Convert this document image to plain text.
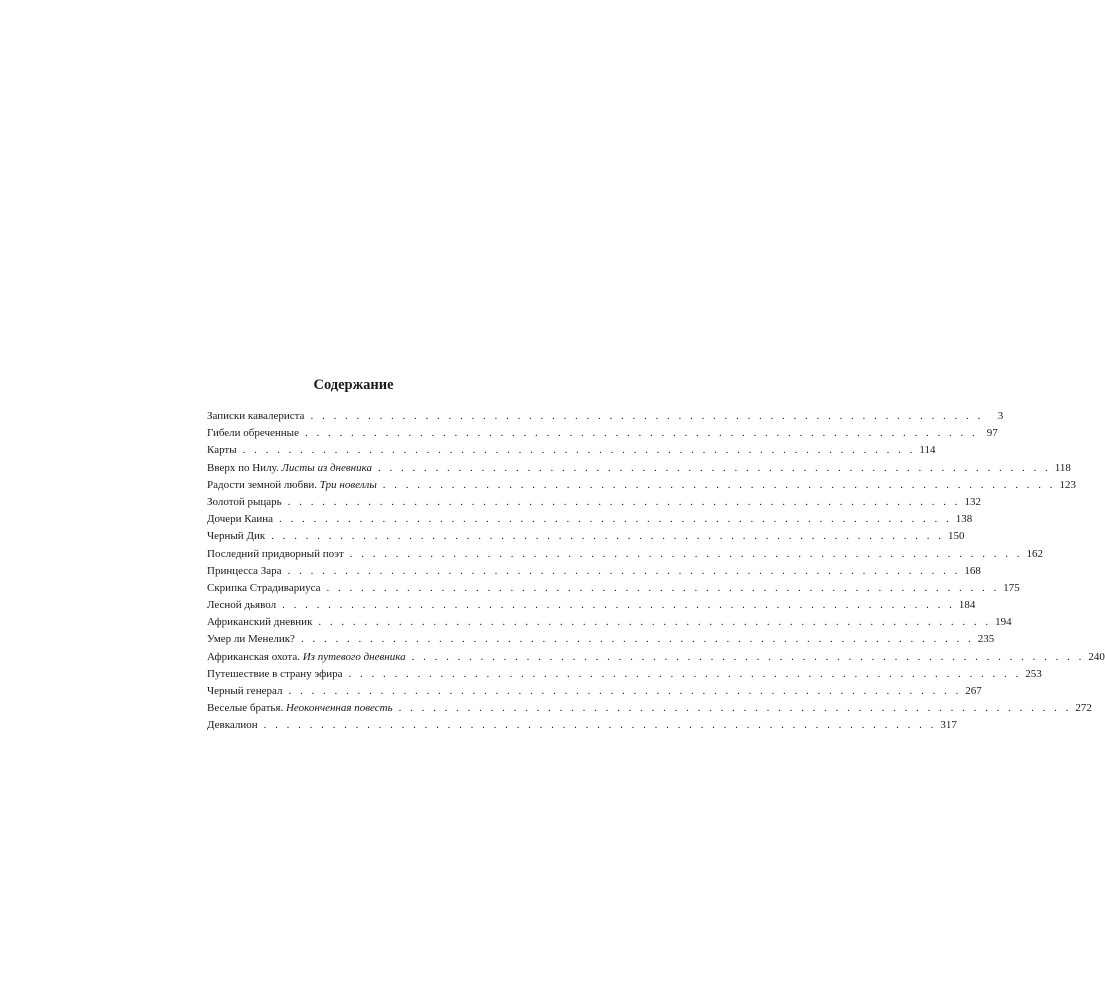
Содержание
Записки кавалериста . . . . . . . . . . . . . . . . . . . . . . . . . . . . . . . . . . . . . . . . . . . . . . . . . . . . . . . . . . .	3
Гибели обреченные . . . . . . . . . . . . . . . . . . . . . . . . . . . . . . . . . . . . . . . . . . . . . . . . . . . . . . . . . . . 97
Карты . . . . . . . . . . . . . . . . . . . . . . . . . . . . . . . . . . . . . . . . . . . . . . . . . . . . . . . . . . . 114
Вверх по Нилу. Листы из дневника . . . . . . . . . . . . . . . . . . . . . . . . . . . . . . . . . . . . . . . . . . . . . . . . . . . . . . . . . . . 118
Радости земной любви. Три новеллы . . . . . . . . . . . . . . . . . . . . . . . . . . . . . . . . . . . . . . . . . . . . . . . . . . . . . . . . . . . 123
Золотой рыцарь . . . . . . . . . . . . . . . . . . . . . . . . . . . . . . . . . . . . . . . . . . . . . . . . . . . . . . . . . . . 132
Дочери Каина . . . . . . . . . . . . . . . . . . . . . . . . . . . . . . . . . . . . . . . . . . . . . . . . . . . . . . . . . . . 138
Черный Дик . . . . . . . . . . . . . . . . . . . . . . . . . . . . . . . . . . . . . . . . . . . . . . . . . . . . . . . . . . . 150
Последний придворный поэт . . . . . . . . . . . . . . . . . . . . . . . . . . . . . . . . . . . . . . . . . . . . . . . . . . . . . . . . . . . 162
Принцесса Зара . . . . . . . . . . . . . . . . . . . . . . . . . . . . . . . . . . . . . . . . . . . . . . . . . . . . . . . . . . . 168
Скрипка Страдивариуса . . . . . . . . . . . . . . . . . . . . . . . . . . . . . . . . . . . . . . . . . . . . . . . . . . . . . . . . . . . 175
Лесной дьявол . . . . . . . . . . . . . . . . . . . . . . . . . . . . . . . . . . . . . . . . . . . . . . . . . . . . . . . . . . . 184
Африканский дневник . . . . . . . . . . . . . . . . . . . . . . . . . . . . . . . . . . . . . . . . . . . . . . . . . . . . . . . . . . . 194
Умер ли Менелик? . . . . . . . . . . . . . . . . . . . . . . . . . . . . . . . . . . . . . . . . . . . . . . . . . . . . . . . . . . . 235
Африканская охота. Из путевого дневника . . . . . . . . . . . . . . . . . . . . . . . . . . . . . . . . . . . . . . . . . . . . . . . . . . . . . . . . . . . 240
Путешествие в страну эфира . . . . . . . . . . . . . . . . . . . . . . . . . . . . . . . . . . . . . . . . . . . . . . . . . . . . . . . . . . . 253
Черный генерал . . . . . . . . . . . . . . . . . . . . . . . . . . . . . . . . . . . . . . . . . . . . . . . . . . . . . . . . . . . 267
Веселые братья. Неоконченная повесть . . . . . . . . . . . . . . . . . . . . . . . . . . . . . . . . . . . . . . . . . . . . . . . . . . . . . . . . . . . 272
Девкалион . . . . . . . . . . . . . . . . . . . . . . . . . . . . . . . . . . . . . . . . . . . . . . . . . . . . . . . . . . . 317
